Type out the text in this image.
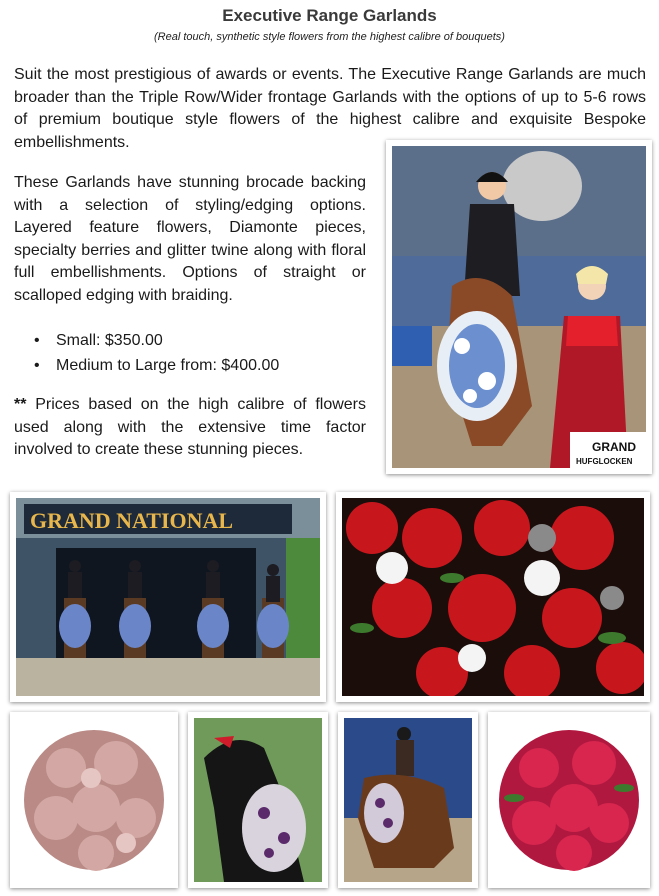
Executive Range Garlands
(Real touch, synthetic style flowers from the highest calibre of bouquets)

Suit the most prestigious of awards or events. The Executive Range Garlands are much broader than the Triple Row/Wider frontage Garlands with the options of up to 5-6 rows of premium boutique style flowers of the highest calibre and exquisite Bespoke embellishments.

These Garlands have stunning brocade backing with a selection of styling/edging options. Layered feature flowers, Diamonte pieces, specialty berries and glitter twine along with floral full embellishments. Options of straight or scalloped edging with braiding.

• Small: $350.00
• Medium to Large from: $400.00

** Prices based on the high calibre of flowers used along with the extensive time factor involved to create these stunning pieces.	GRAND
HUFGLOCKEN
GRAND NATIONAL
